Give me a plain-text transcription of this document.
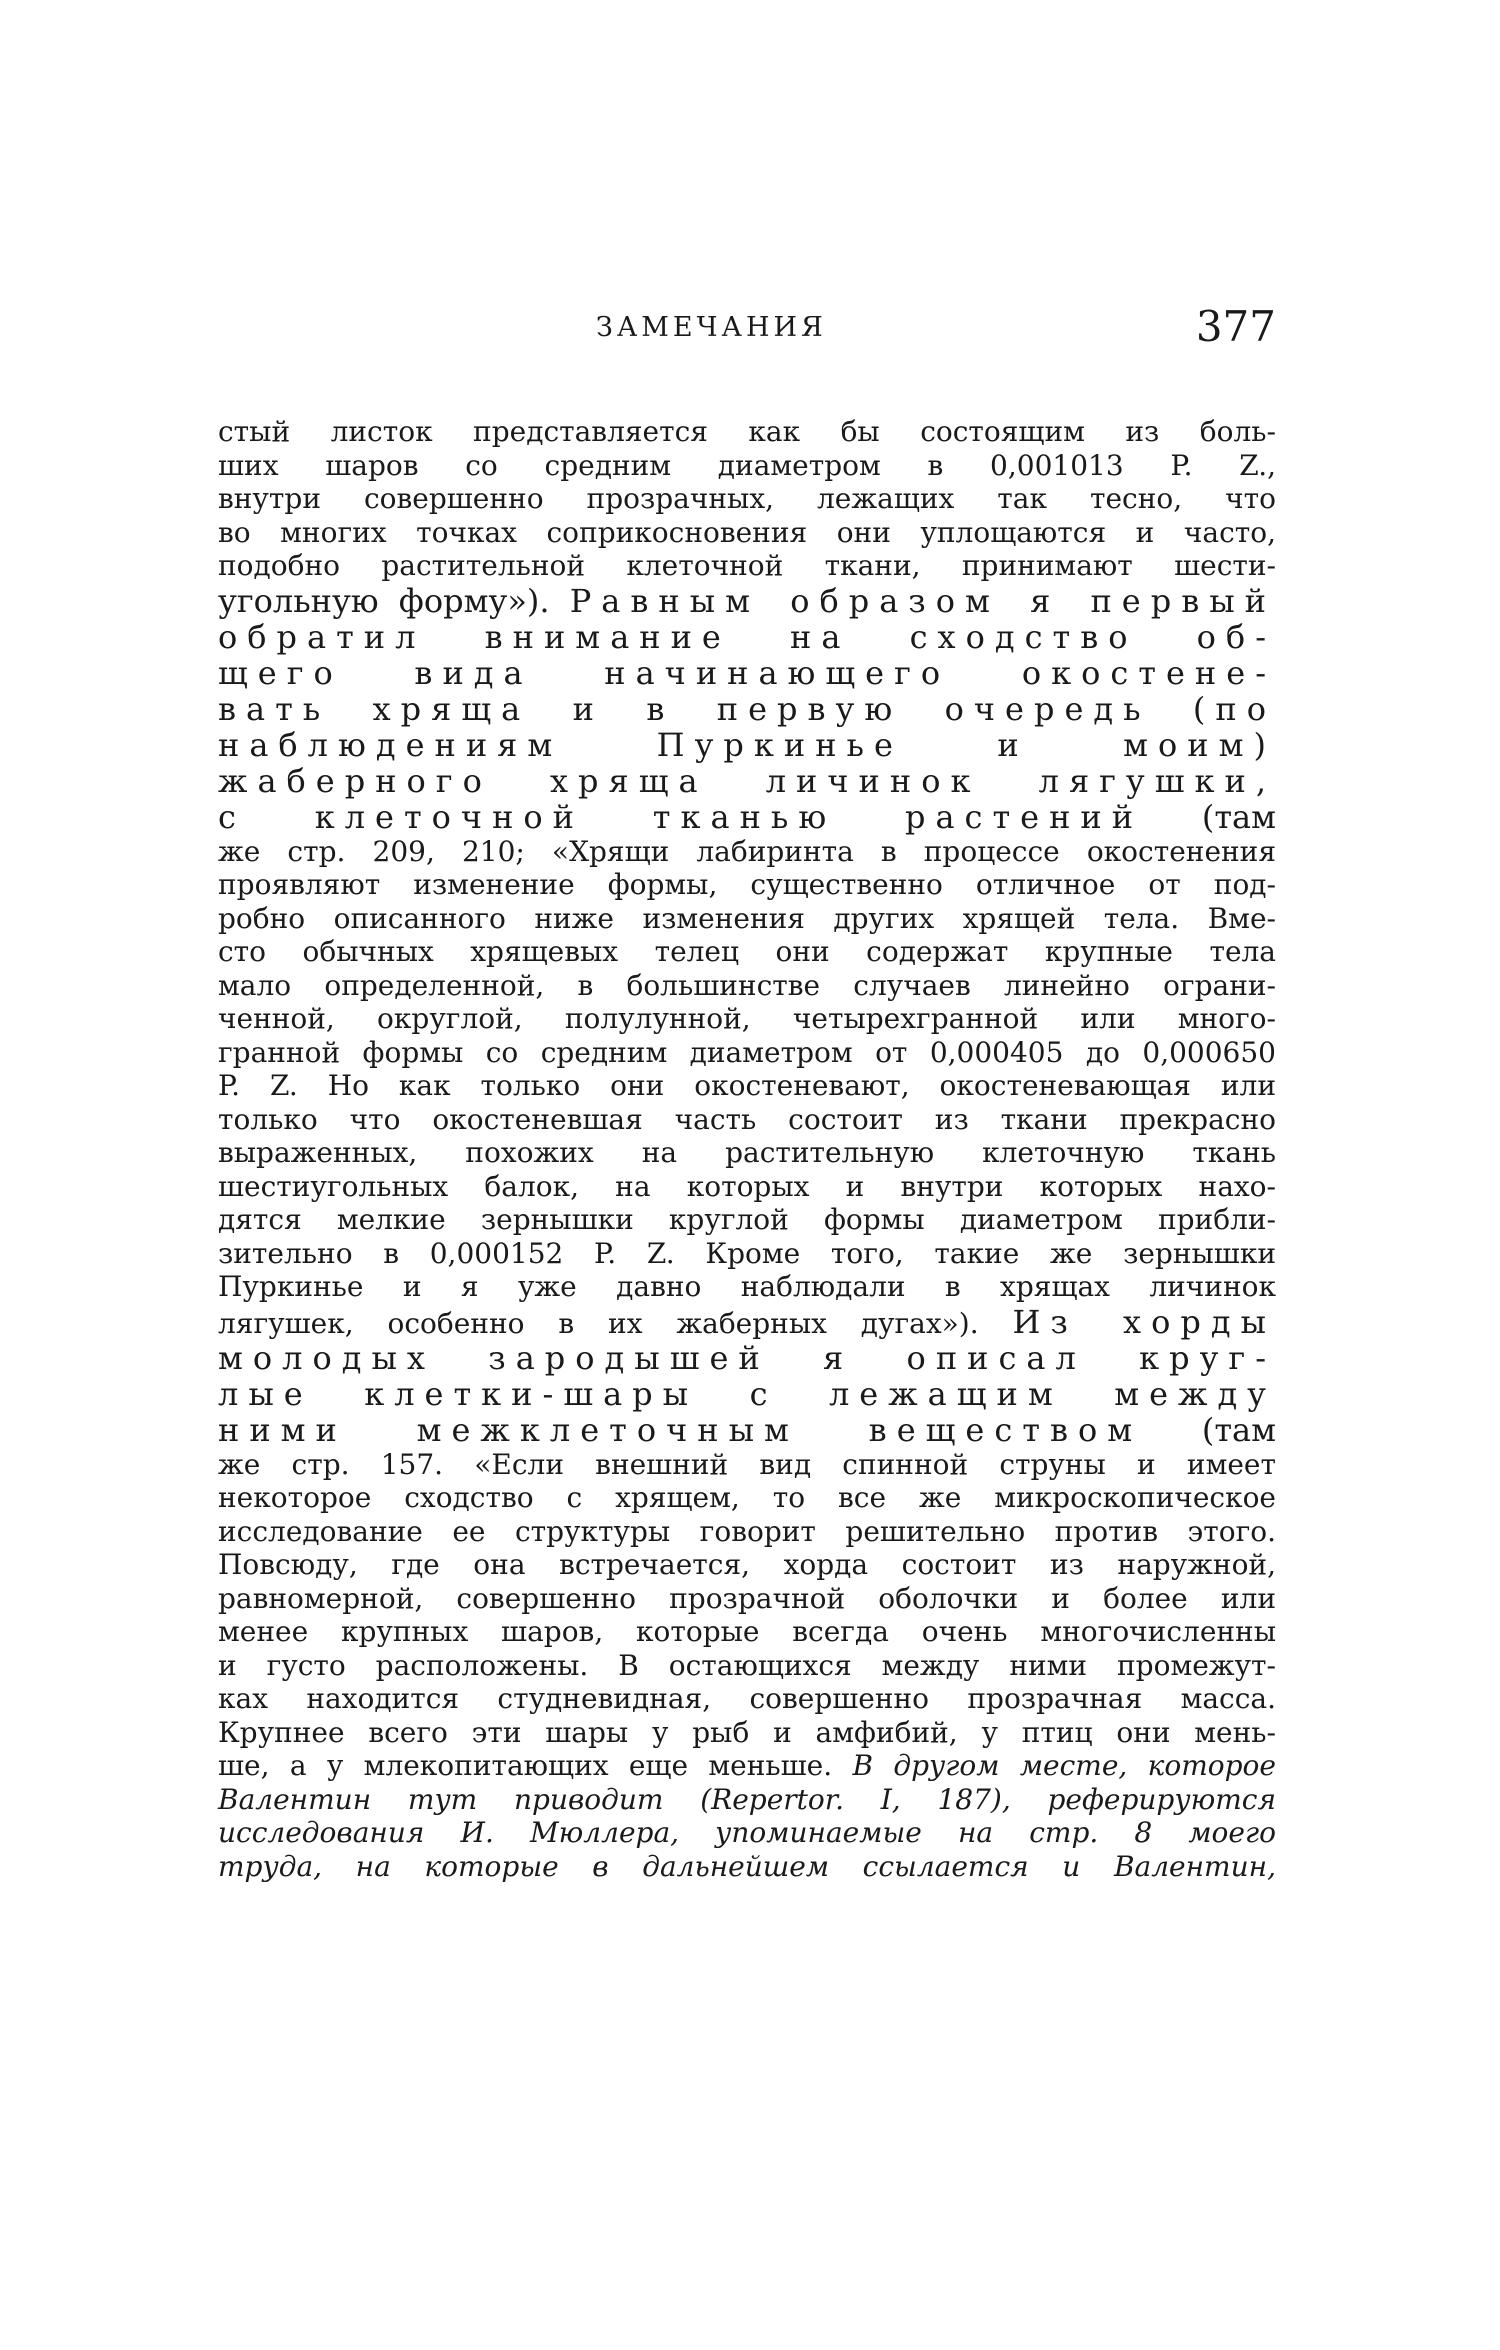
ЗАМЕЧАНИЯ	377
стый листок представляется как бы состоящим из боль-
ших шаров со средним диаметром в 0,001013 P. Z.,
внутри совершенно прозрачных, лежащих так тесно, что
во многих точках соприкосновения они уплощаются и часто,
подобно растительной клеточной ткани, принимают шести-
угольную форму»). Равным образом я первый
обратил внимание на сходство об-
щего вида начинающего окостене-
вать хряща и в первую очередь (по
наблюдениям Пуркинье и моим)
жаберного хряща личинок лягушки,
с клеточной тканью растений (там
же стр. 209, 210; «Хрящи лабиринта в процессе окостенения
проявляют изменение формы, существенно отличное от под-
робно описанного ниже изменения других хрящей тела. Вме-
сто обычных хрящевых телец они содержат крупные тела
мало определенной, в большинстве случаев линейно ограни-
ченной, округлой, полулунной, четырехгранной или много-
гранной формы со средним диаметром от 0,000405 до 0,000650
P. Z. Но как только они окостеневают, окостеневающая или
только что окостеневшая часть состоит из ткани прекрасно
выраженных, похожих на растительную клеточную ткань
шестиугольных балок, на которых и внутри которых нахо-
дятся мелкие зернышки круглой формы диаметром прибли-
зительно в 0,000152 P. Z. Кроме того, такие же зернышки
Пуркинье и я уже давно наблюдали в хрящах личинок
лягушек, особенно в их жаберных дугах»). Из хорды
молодых зародышей я описал круг-
лые клетки-шары с лежащим между
ними межклеточным веществом (там
же стр. 157. «Если внешний вид спинной струны и имеет
некоторое сходство с хрящем, то все же микроскопическое
исследование ее структуры говорит решительно против этого.
Повсюду, где она встречается, хорда состоит из наружной,
равномерной, совершенно прозрачной оболочки и более или
менее крупных шаров, которые всегда очень многочисленны
и густо расположены. В остающихся между ними промежут-
ках находится студневидная, совершенно прозрачная масса.
Крупнее всего эти шары у рыб и амфибий, у птиц они мень-
ше, а у млекопитающих еще меньше. В другом месте, которое
Валентин тут приводит (Repertor. I, 187), реферируются
исследования И. Мюллера, упоминаемые на стр. 8 моего
труда, на которые в дальнейшем ссылается и Валентин,
